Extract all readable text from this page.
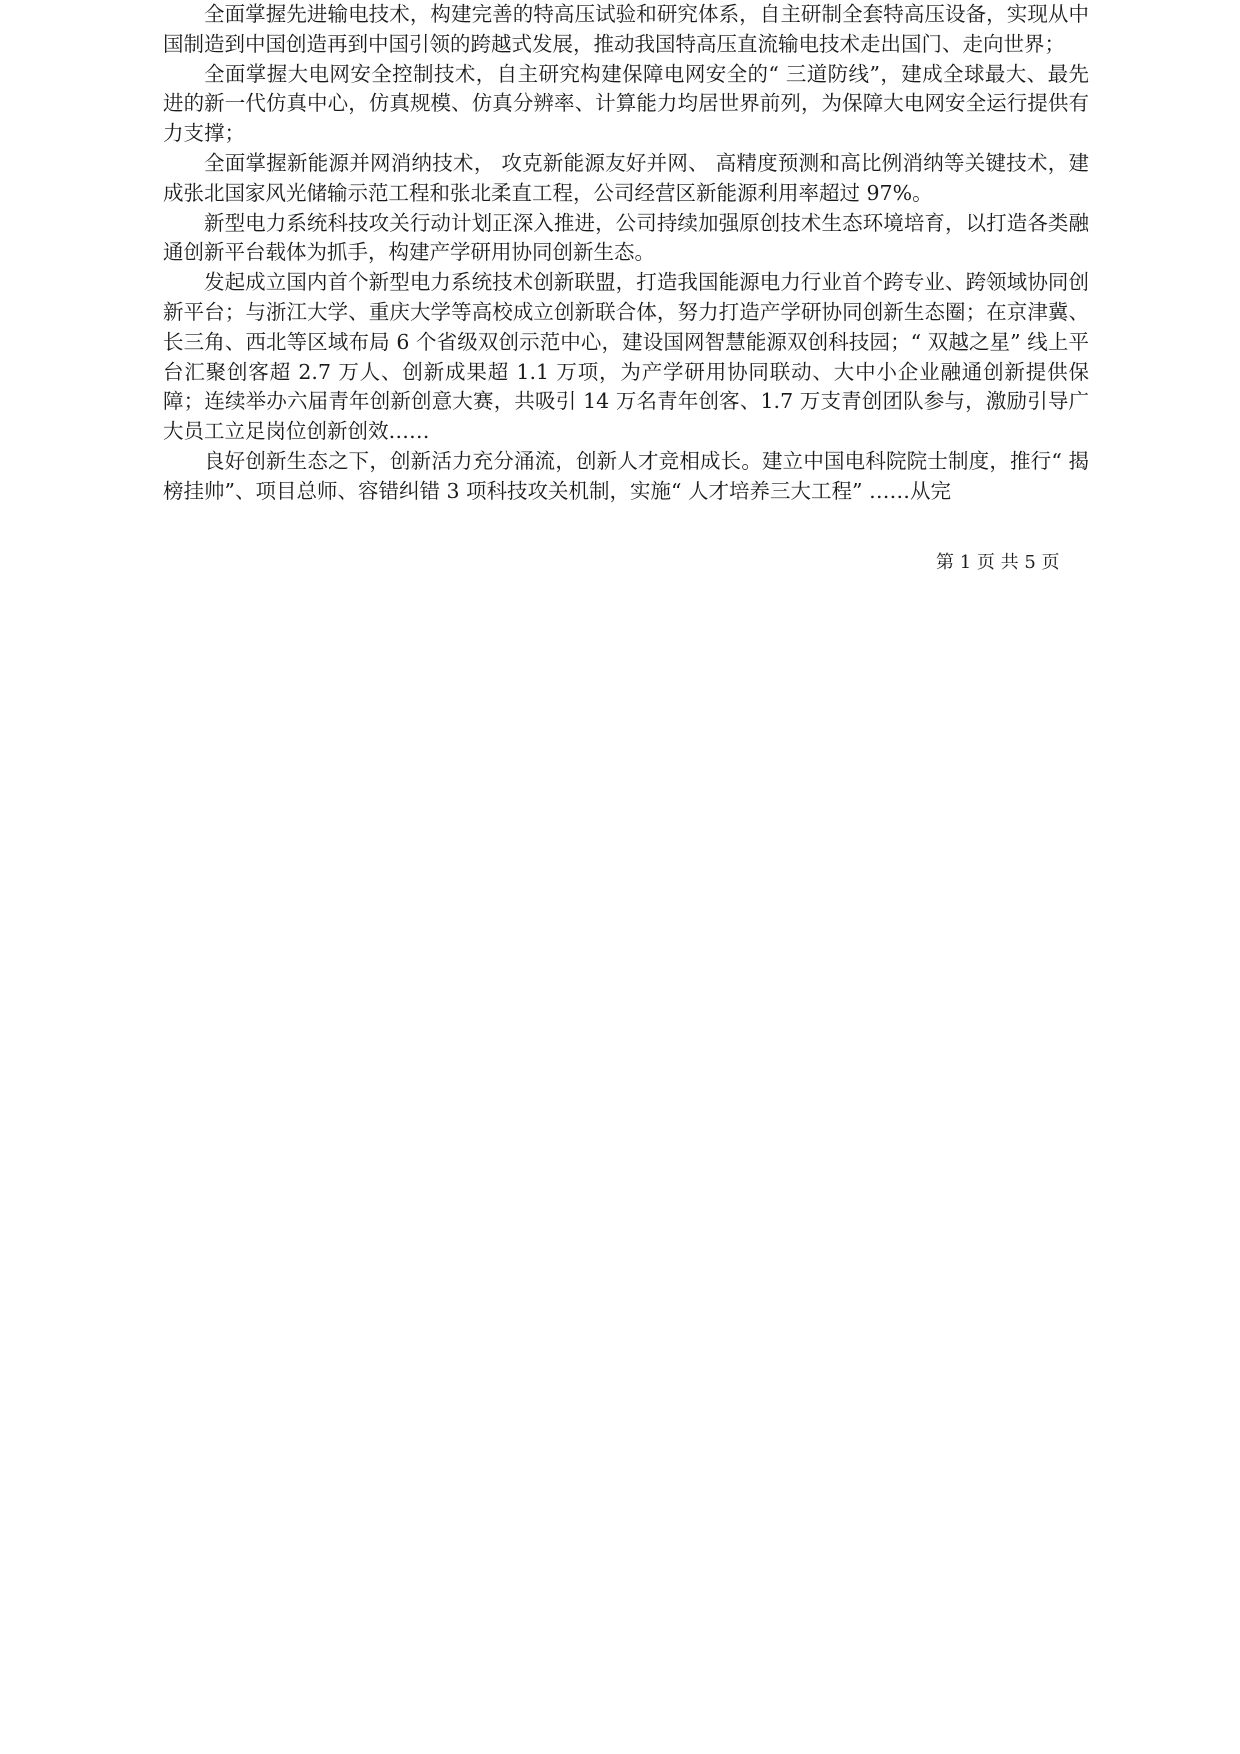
全面掌握先进输电技术，构建完善的特高压试验和研究体系，自主研制全套特高压设备，实现从中国制造到中国创造再到中国引领的跨越式发展，推动我国特高压直流输电技术走出国门、走向世界；

全面掌握大电网安全控制技术，自主研究构建保障电网安全的“ 三道防线”，建成全球最大、最先进的新一代仿真中心，仿真规模、仿真分辨率、计算能力均居世界前列，为保障大电网安全运行提供有力支撑；

全面掌握新能源并网消纳技术， 攻克新能源友好并网、 高精度预测和高比例消纳等关键技术，建成张北国家风光储输示范工程和张北柔直工程，公司经营区新能源利用率超过 97%。

新型电力系统科技攻关行动计划正深入推进，公司持续加强原创技术生态环境培育，以打造各类融通创新平台载体为抓手，构建产学研用协同创新生态。

发起成立国内首个新型电力系统技术创新联盟，打造我国能源电力行业首个跨专业、跨领域协同创新平台；与浙江大学、重庆大学等高校成立创新联合体，努力打造产学研协同创新生态圈；在京津冀、长三角、西北等区域布局 6 个省级双创示范中心，建设国网智慧能源双创科技园；“ 双越之星” 线上平台汇聚创客超 2.7 万人、创新成果超 1.1 万项，为产学研用协同联动、大中小企业融通创新提供保障；连续举办六届青年创新创意大赛，共吸引 14 万名青年创客、1.7 万支青创团队参与，激励引导广大员工立足岗位创新创效……

良好创新生态之下，创新活力充分涌流，创新人才竞相成长。建立中国电科院院士制度，推行“ 揭榜挂帅”、项目总师、容错纠错 3 项科技攻关机制，实施“ 人才培养三大工程” ……从完

第 1 页 共 5 页
